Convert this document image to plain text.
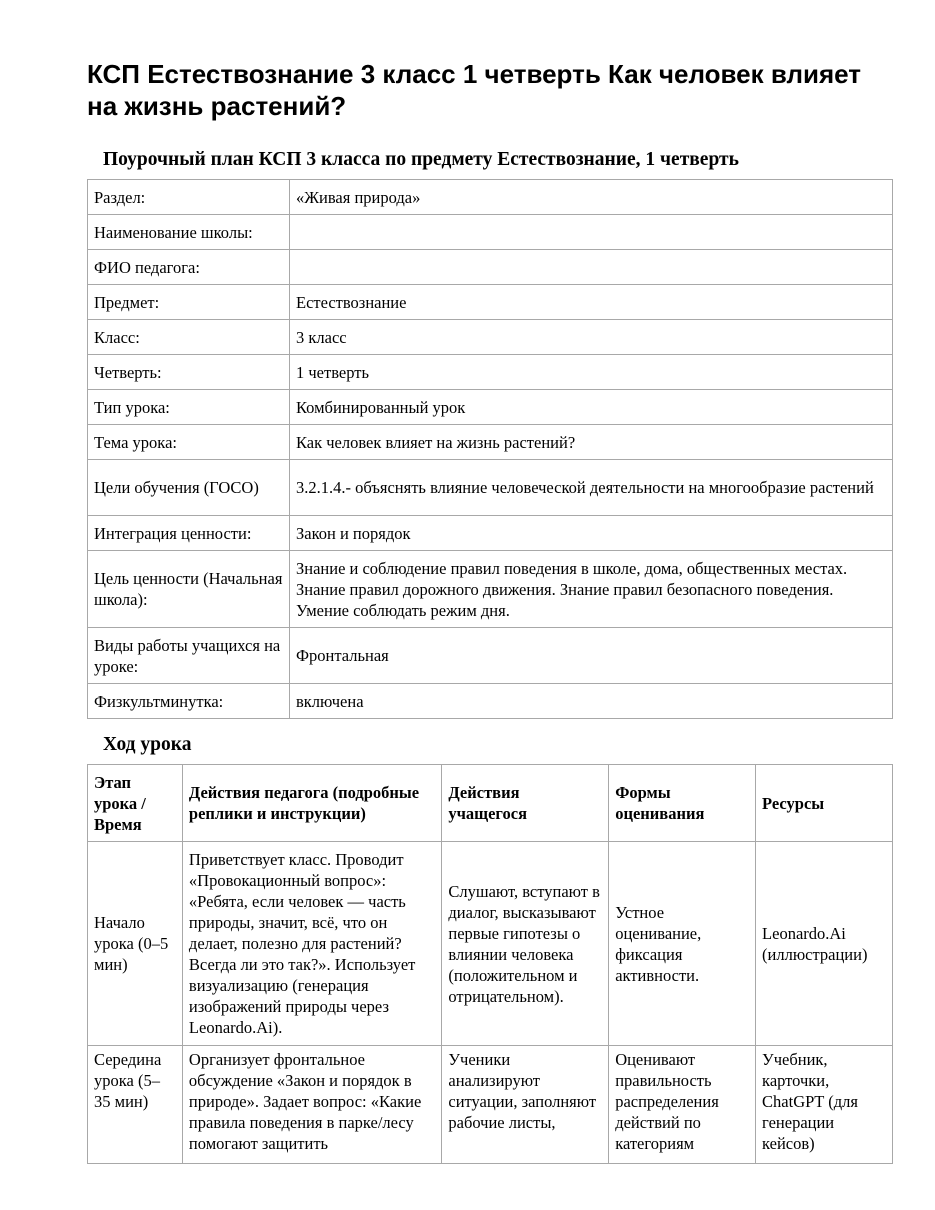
КСП Естествознание 3 класс 1 четверть Как человек влияет на жизнь растений?
Поурочный план КСП 3 класса по предмету Естествознание, 1 четверть
Раздел:	«Живая природа»
Наименование школы:	
ФИО педагога:	
Предмет:	Естествознание
Класс:	3 класс
Четверть:	1 четверть
Тип урока:	Комбинированный урок
Тема урока:	Как человек влияет на жизнь растений?
Цели обучения (ГОСО)	3.2.1.4.- объяснять влияние человеческой деятельности на многообразие растений
Интеграция ценности:	Закон и порядок
Цель ценности (Начальная школа):	Знание и соблюдение правил поведения в школе, дома, общественных местах. Знание правил дорожного движения. Знание правил безопасного поведения. Умение соблюдать режим дня.
Виды работы учащихся на уроке:	Фронтальная
Физкультминутка:	включена
Ход урока
Этап урока / Время	Действия педагога (подробные реплики и инструкции)	Действия учащегося	Формы оценивания	Ресурсы
Начало урока (0–5 мин)	Приветствует класс. Проводит «Провокационный вопрос»: «Ребята, если человек — часть природы, значит, всё, что он делает, полезно для растений? Всегда ли это так?». Использует визуализацию (генерация изображений природы через Leonardo.Ai).	Слушают, вступают в диалог, высказывают первые гипотезы о влиянии человека (положительном и отрицательном).	Устное оценивание, фиксация активности.	Leonardo.Ai (иллюстрации)
Середина урока (5–35 мин)	Организует фронтальное обсуждение «Закон и порядок в природе». Задает вопрос: «Какие правила поведения в парке/лесу помогают защитить	Ученики анализируют ситуации, заполняют рабочие листы,	Оценивают правильность распределения действий по категориям	Учебник, карточки, ChatGPT (для генерации кейсов)
